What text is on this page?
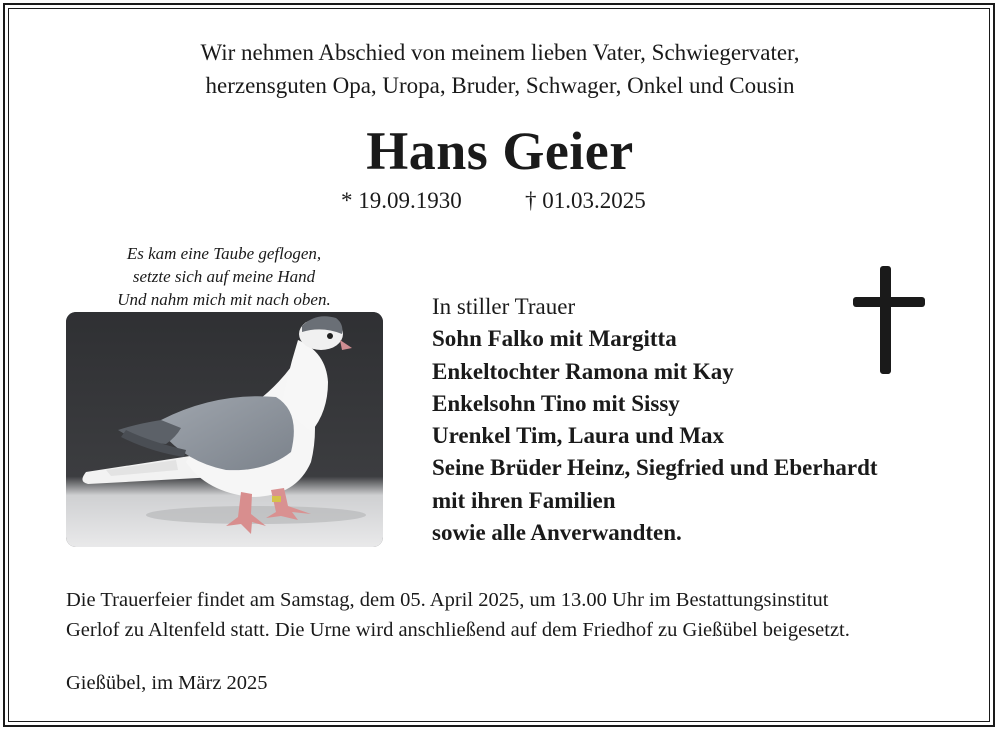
Wir nehmen Abschied von meinem lieben Vater, Schwiegervater,
herzensguten Opa, Uropa, Bruder, Schwager, Onkel und Cousin
Hans Geier
* 19.09.1930	† 01.03.2025
Es kam eine Taube geflogen,
setzte sich auf meine Hand
Und nahm mich mit nach oben.	In stiller Trauer
Sohn Falko mit Margitta
Enkeltochter Ramona mit Kay
Enkelsohn Tino mit Sissy
Urenkel Tim, Laura und Max
Seine Brüder Heinz, Siegfried und Eberhardt
mit ihren Familien
sowie alle Anverwandten.
Die Trauerfeier findet am Samstag, dem 05. April 2025, um 13.00 Uhr im Bestattungsinstitut
Gerlof zu Altenfeld statt. Die Urne wird anschließend auf dem Friedhof zu Gießübel beigesetzt.
Gießübel, im März 2025
